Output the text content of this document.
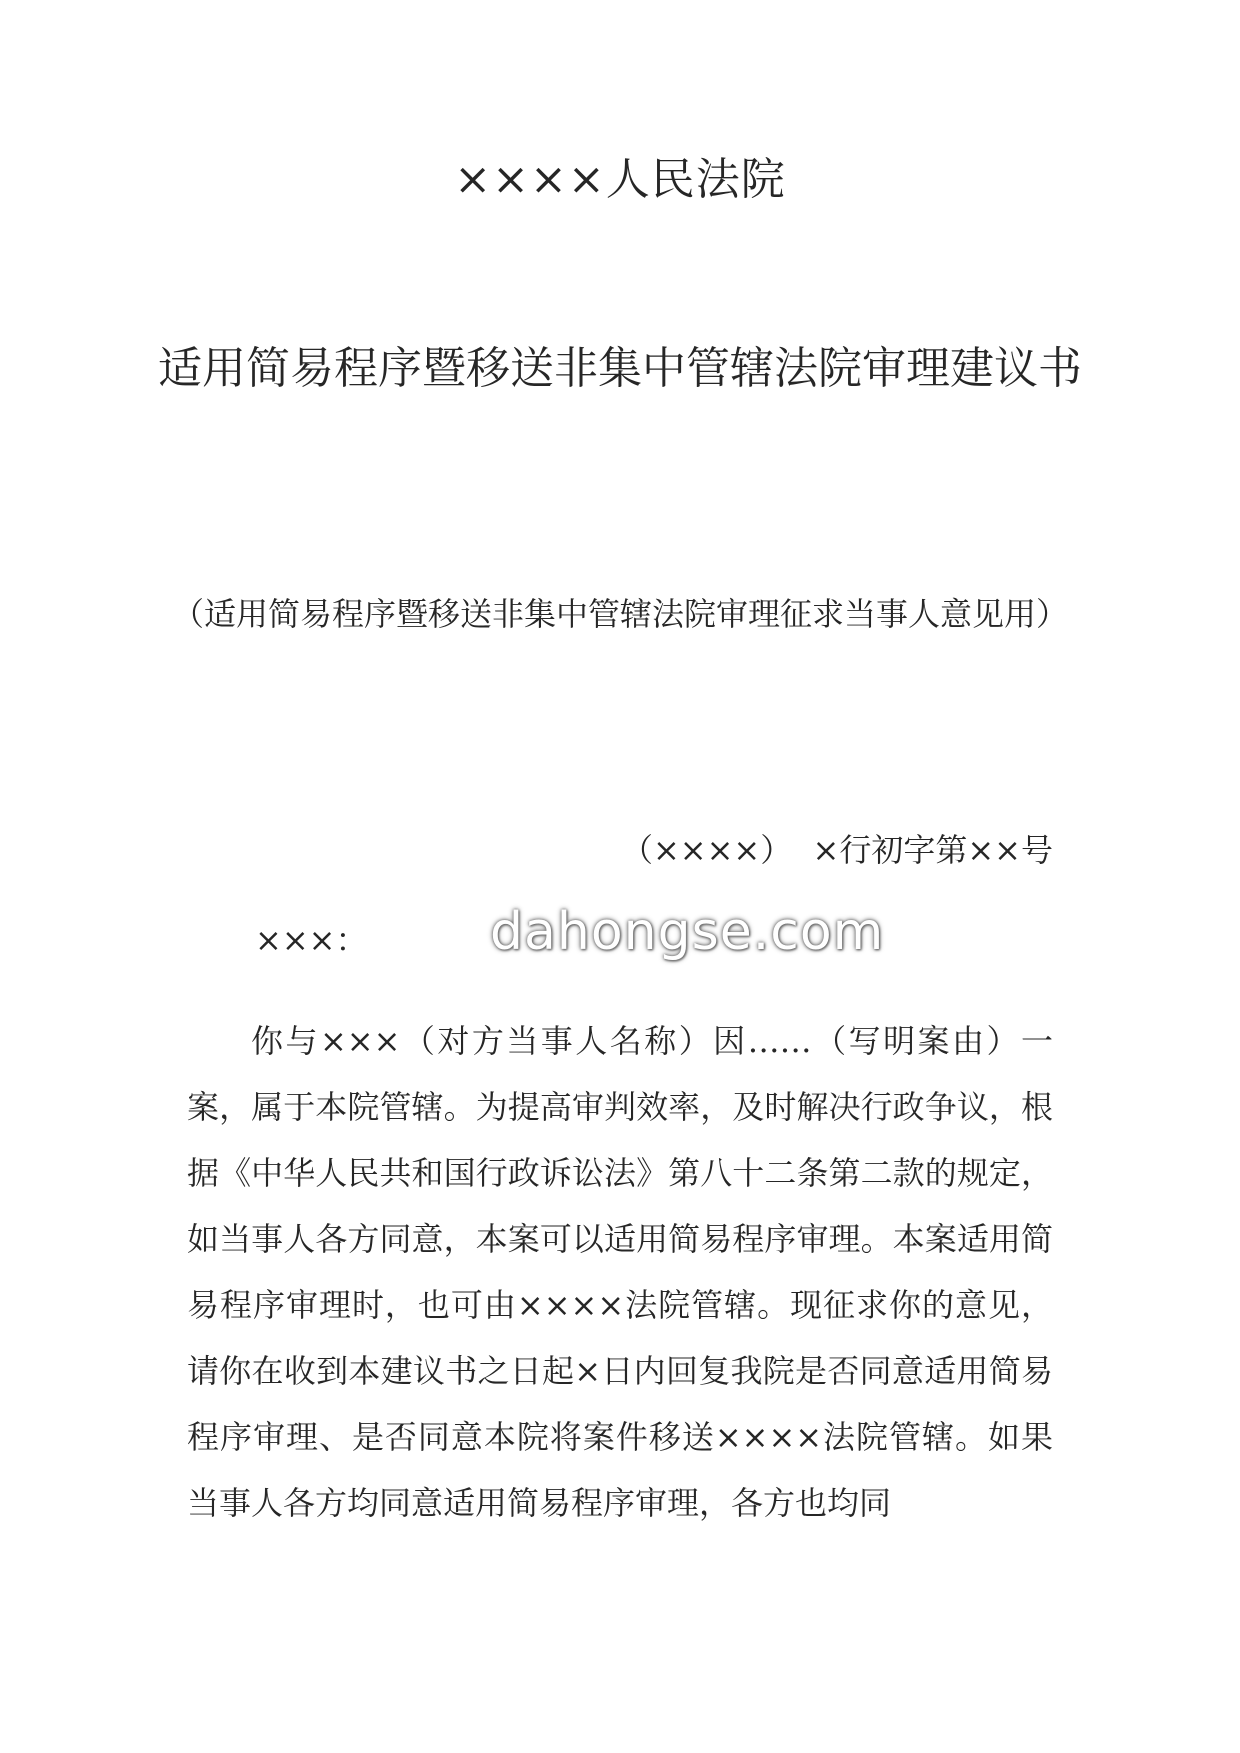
××××人民法院
适用简易程序暨移送非集中管辖法院审理建议书
（适用简易程序暨移送非集中管辖法院审理征求当事人意见用）
（××××）  ×行初字第××号
×××： dahongse.com

你与×××（对方当事人名称）因……（写明案由）一案，属于本院管辖。为提高审判效率，及时解决行政争议，根据《中华人民共和国行政诉讼法》第八十二条第二款的规定，如当事人各方同意，本案可以适用简易程序审理。本案适用简易程序审理时，也可由××××法院管辖。现征求你的意见，请你在收到本建议书之日起×日内回复我院是否同意适用简易程序审理、是否同意本院将案件移送××××法院管辖。如果当事人各方均同意适用简易程序审理，各方也均同
